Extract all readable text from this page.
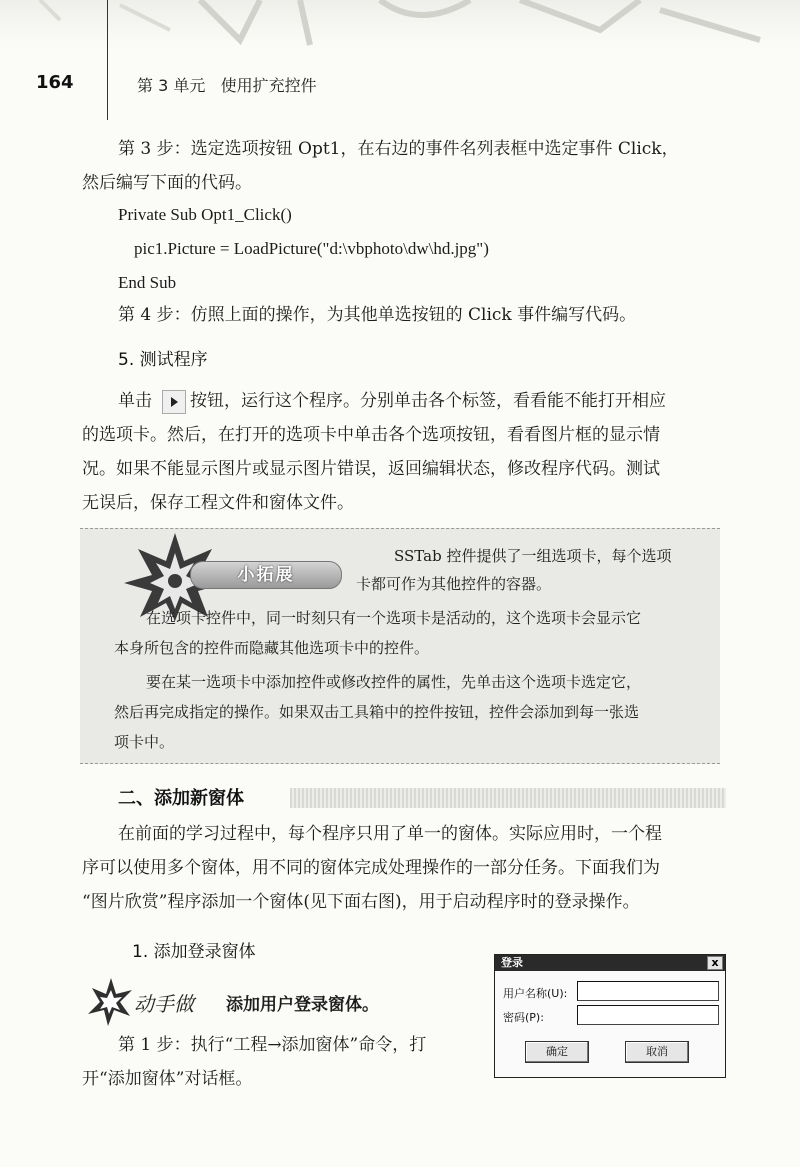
164	第 3 单元   使用扩充控件
第 3 步：选定选项按钮 Opt1，在右边的事件名列表框中选定事件 Click，
然后编写下面的代码。
Private Sub Opt1_Click()
pic1.Picture = LoadPicture("d:\vbphoto\dw\hd.jpg")
End Sub
第 4 步：仿照上面的操作，为其他单选按钮的 Click 事件编写代码。
5. 测试程序
单击 按钮，运行这个程序。分别单击各个标签，看看能不能打开相应
的选项卡。然后，在打开的选项卡中单击各个选项按钮，看看图片框的显示情
况。如果不能显示图片或显示图片错误，返回编辑状态，修改程序代码。测试
无误后，保存工程文件和窗体文件。
小拓展
SSTab 控件提供了一组选项卡，每个选项
卡都可作为其他控件的容器。
在选项卡控件中，同一时刻只有一个选项卡是活动的，这个选项卡会显示它
本身所包含的控件而隐藏其他选项卡中的控件。
要在某一选项卡中添加控件或修改控件的属性，先单击这个选项卡选定它，
然后再完成指定的操作。如果双击工具箱中的控件按钮，控件会添加到每一张选
项卡中。
二、添加新窗体
在前面的学习过程中，每个程序只用了单一的窗体。实际应用时，一个程
序可以使用多个窗体，用不同的窗体完成处理操作的一部分任务。下面我们为
“图片欣赏”程序添加一个窗体(见下面右图)，用于启动程序时的登录操作。
1. 添加登录窗体
动手做 添加用户登录窗体。
第 1 步：执行“工程→添加窗体”命令，打
开“添加窗体”对话框。
登录	x
用户名称(U):
密码(P):
确定	取消
